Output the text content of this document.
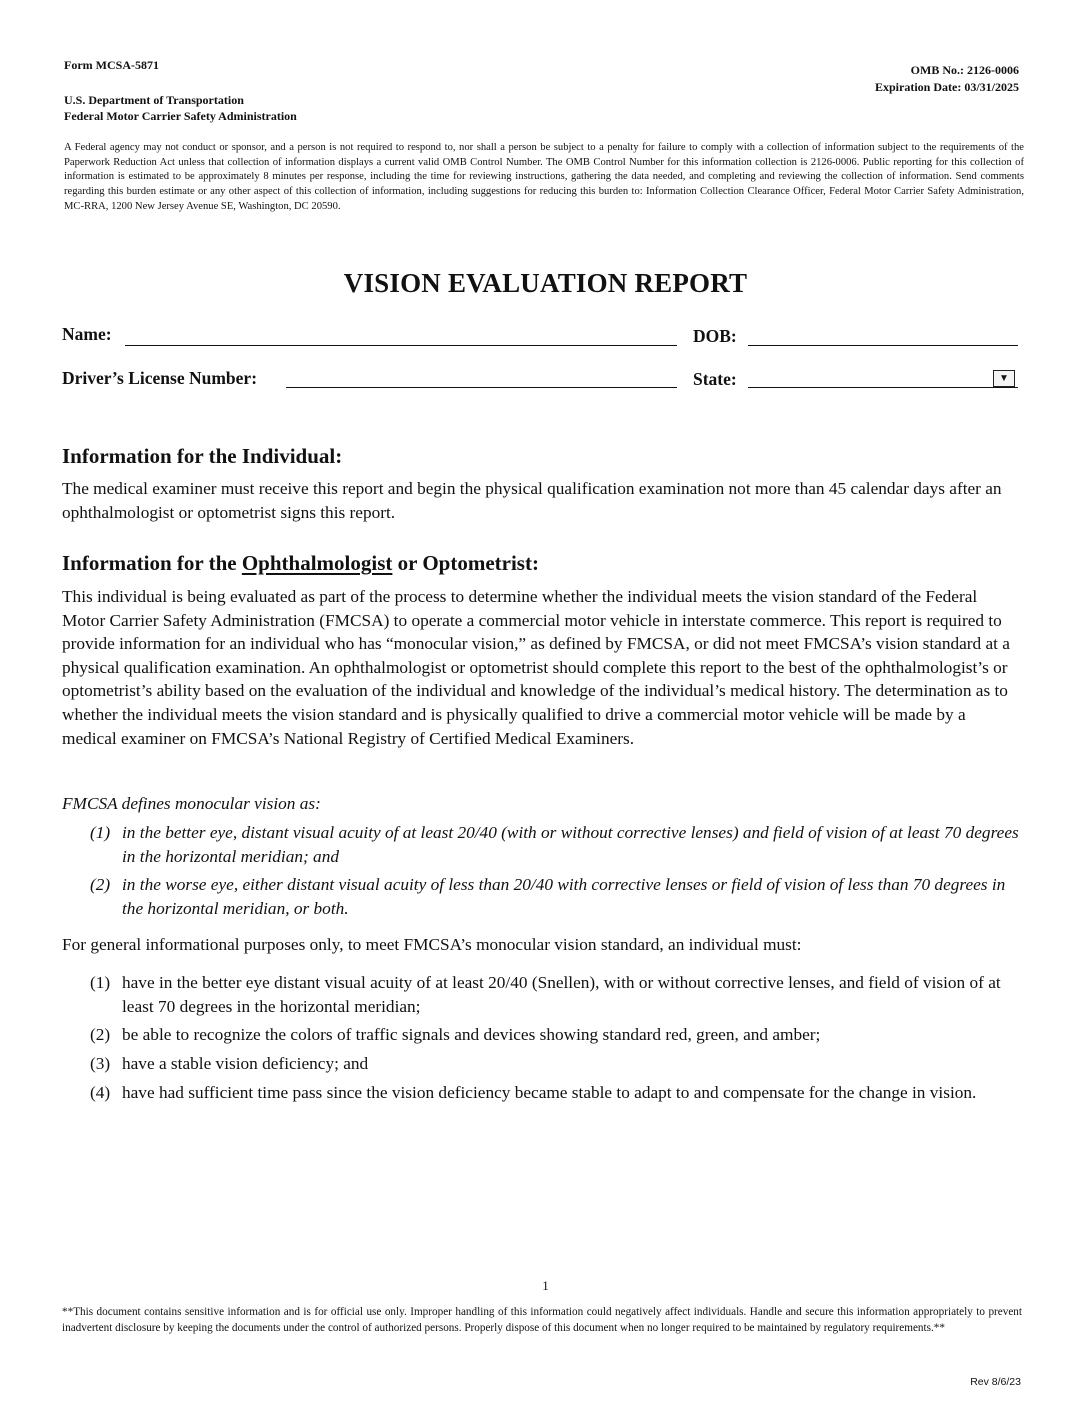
Form MCSA-5871	OMB No.: 2126-0006
Expiration Date: 03/31/2025
U.S. Department of Transportation
Federal Motor Carrier Safety Administration
A Federal agency may not conduct or sponsor, and a person is not required to respond to, nor shall a person be subject to a penalty for failure to comply with a collection of information subject to the requirements of the Paperwork Reduction Act unless that collection of information displays a current valid OMB Control Number. The OMB Control Number for this information collection is 2126-0006. Public reporting for this collection of information is estimated to be approximately 8 minutes per response, including the time for reviewing instructions, gathering the data needed, and completing and reviewing the collection of information. Send comments regarding this burden estimate or any other aspect of this collection of information, including suggestions for reducing this burden to: Information Collection Clearance Officer, Federal Motor Carrier Safety Administration, MC-RRA, 1200 New Jersey Avenue SE, Washington, DC 20590.
VISION EVALUATION REPORT
Name:	DOB:
Driver’s License Number:	State:	▼
Information for the Individual:
The medical examiner must receive this report and begin the physical qualification examination not more than 45 calendar days after an ophthalmologist or optometrist signs this report.
Information for the Ophthalmologist or Optometrist:
This individual is being evaluated as part of the process to determine whether the individual meets the vision standard of the Federal Motor Carrier Safety Administration (FMCSA) to operate a commercial motor vehicle in interstate commerce. This report is required to provide information for an individual who has “monocular vision,” as defined by FMCSA, or did not meet FMCSA’s vision standard at a physical qualification examination. An ophthalmologist or optometrist should complete this report to the best of the ophthalmologist’s or optometrist’s ability based on the evaluation of the individual and knowledge of the individual’s medical history. The determination as to whether the individual meets the vision standard and is physically qualified to drive a commercial motor vehicle will be made by a medical examiner on FMCSA’s National Registry of Certified Medical Examiners.
FMCSA defines monocular vision as:
(1) in the better eye, distant visual acuity of at least 20/40 (with or without corrective lenses) and field of vision of at least 70 degrees in the horizontal meridian; and
(2) in the worse eye, either distant visual acuity of less than 20/40 with corrective lenses or field of vision of less than 70 degrees in the horizontal meridian, or both.
For general informational purposes only, to meet FMCSA’s monocular vision standard, an individual must:
(1) have in the better eye distant visual acuity of at least 20/40 (Snellen), with or without corrective lenses, and field of vision of at least 70 degrees in the horizontal meridian;
(2) be able to recognize the colors of traffic signals and devices showing standard red, green, and amber;
(3) have a stable vision deficiency; and
(4) have had sufficient time pass since the vision deficiency became stable to adapt to and compensate for the change in vision.
1
**This document contains sensitive information and is for official use only. Improper handling of this information could negatively affect individuals. Handle and secure this information appropriately to prevent inadvertent disclosure by keeping the documents under the control of authorized persons. Properly dispose of this document when no longer required to be maintained by regulatory requirements.**
Rev 8/6/23
